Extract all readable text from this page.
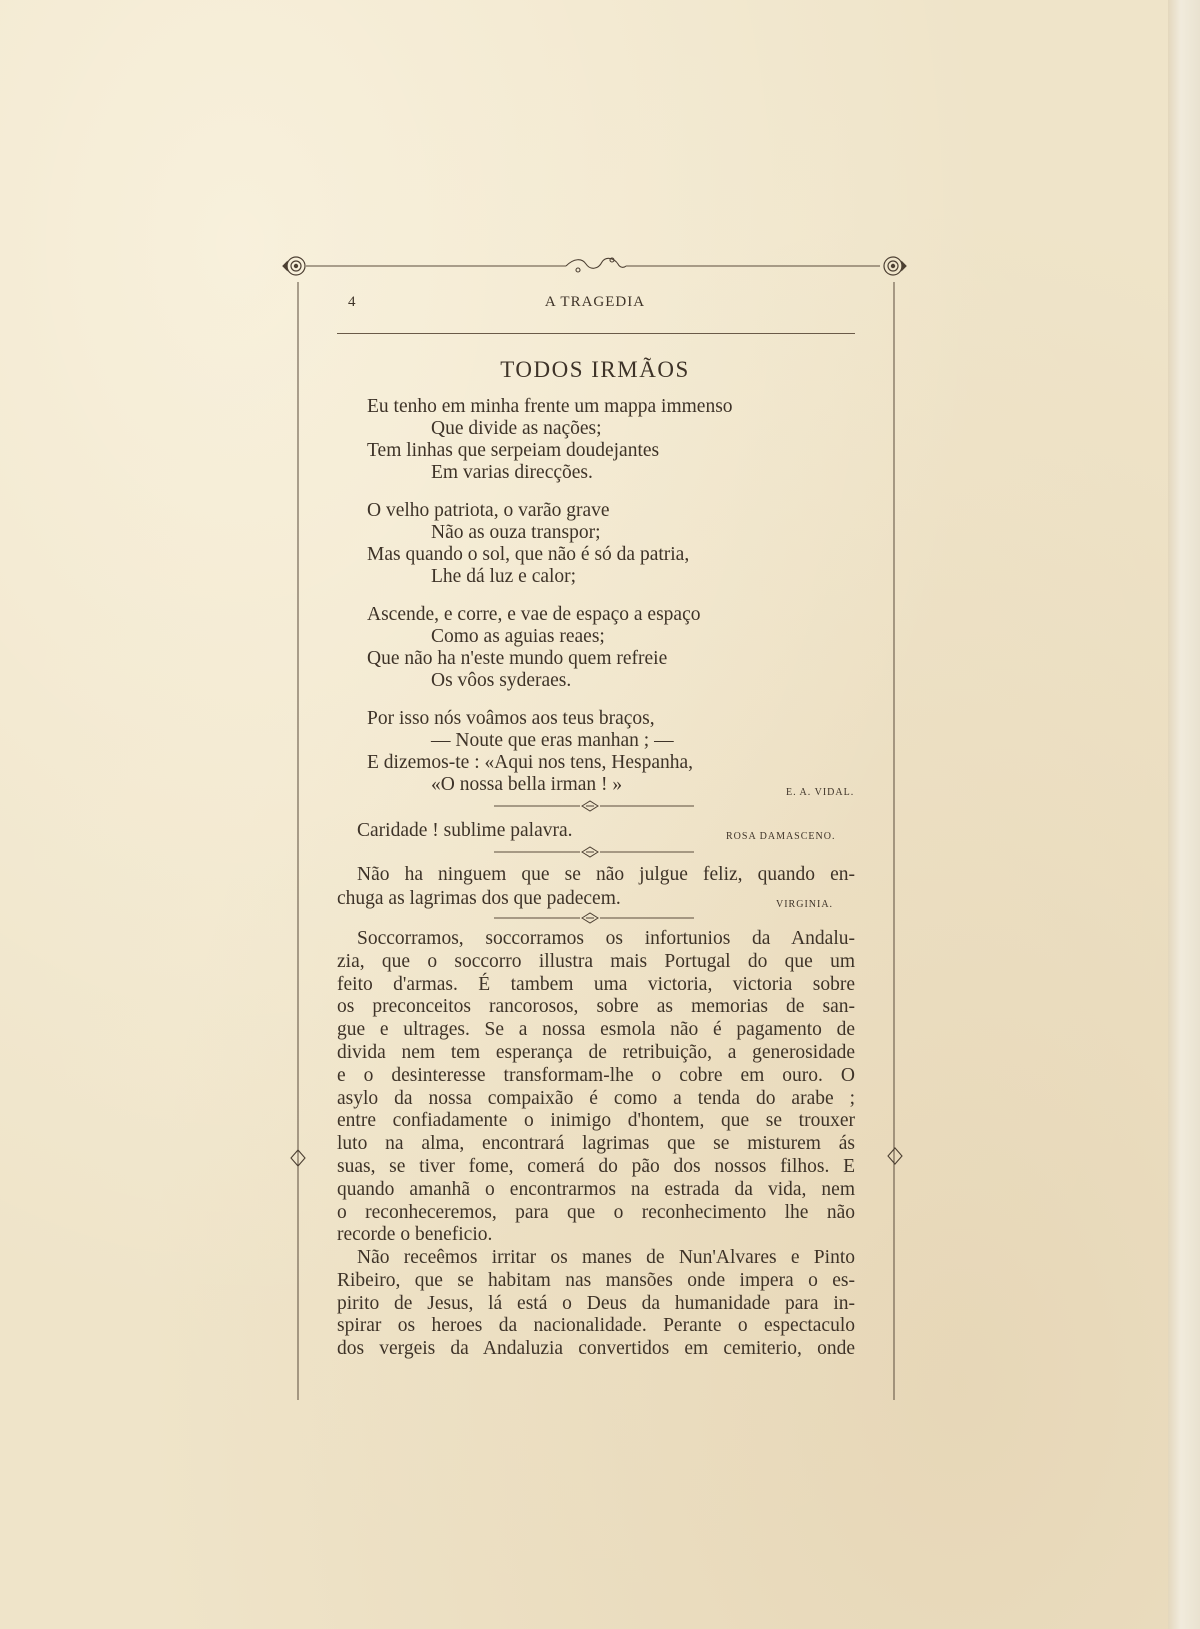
4	A TRAGEDIA
TODOS IRMÃOS
Eu tenho em minha frente um mappa immenso
Que divide as nações;
Tem linhas que serpeiam doudejantes
Em varias direcções.
O velho patriota, o varão grave
Não as ouza transpor;
Mas quando o sol, que não é só da patria,
Lhe dá luz e calor;
Ascende, e corre, e vae de espaço a espaço
Como as aguias reaes;
Que não ha n'este mundo quem refreie
Os vôos syderaes.
Por isso nós voâmos aos teus braços,
— Noute que eras manhan ; —
E dizemos-te : «Aqui nos tens, Hespanha,
«O nossa bella irman ! »	E. A. VIDAL.
Caridade ! sublime palavra.	ROSA DAMASCENO.
Não ha ninguem que se não julgue feliz, quando en-
chuga as lagrimas dos que padecem.	VIRGINIA.
Soccorramos, soccorramos os infortunios da Andalu-
zia, que o soccorro illustra mais Portugal do que um
feito d'armas. É tambem uma victoria, victoria sobre
os preconceitos rancorosos, sobre as memorias de san-
gue e ultrages. Se a nossa esmola não é pagamento de
divida nem tem esperança de retribuição, a generosidade
e o desinteresse transformam-lhe o cobre em ouro. O
asylo da nossa compaixão é como a tenda do arabe ;
entre confiadamente o inimigo d'hontem, que se trouxer
luto na alma, encontrará lagrimas que se misturem ás
suas, se tiver fome, comerá do pão dos nossos filhos. E
quando amanhã o encontrarmos na estrada da vida, nem
o reconheceremos, para que o reconhecimento lhe não
recorde o beneficio.
Não receêmos irritar os manes de Nun'Alvares e Pinto
Ribeiro, que se habitam nas mansões onde impera o es-
pirito de Jesus, lá está o Deus da humanidade para in-
spirar os heroes da nacionalidade. Perante o espectaculo
dos vergeis da Andaluzia convertidos em cemiterio, onde
